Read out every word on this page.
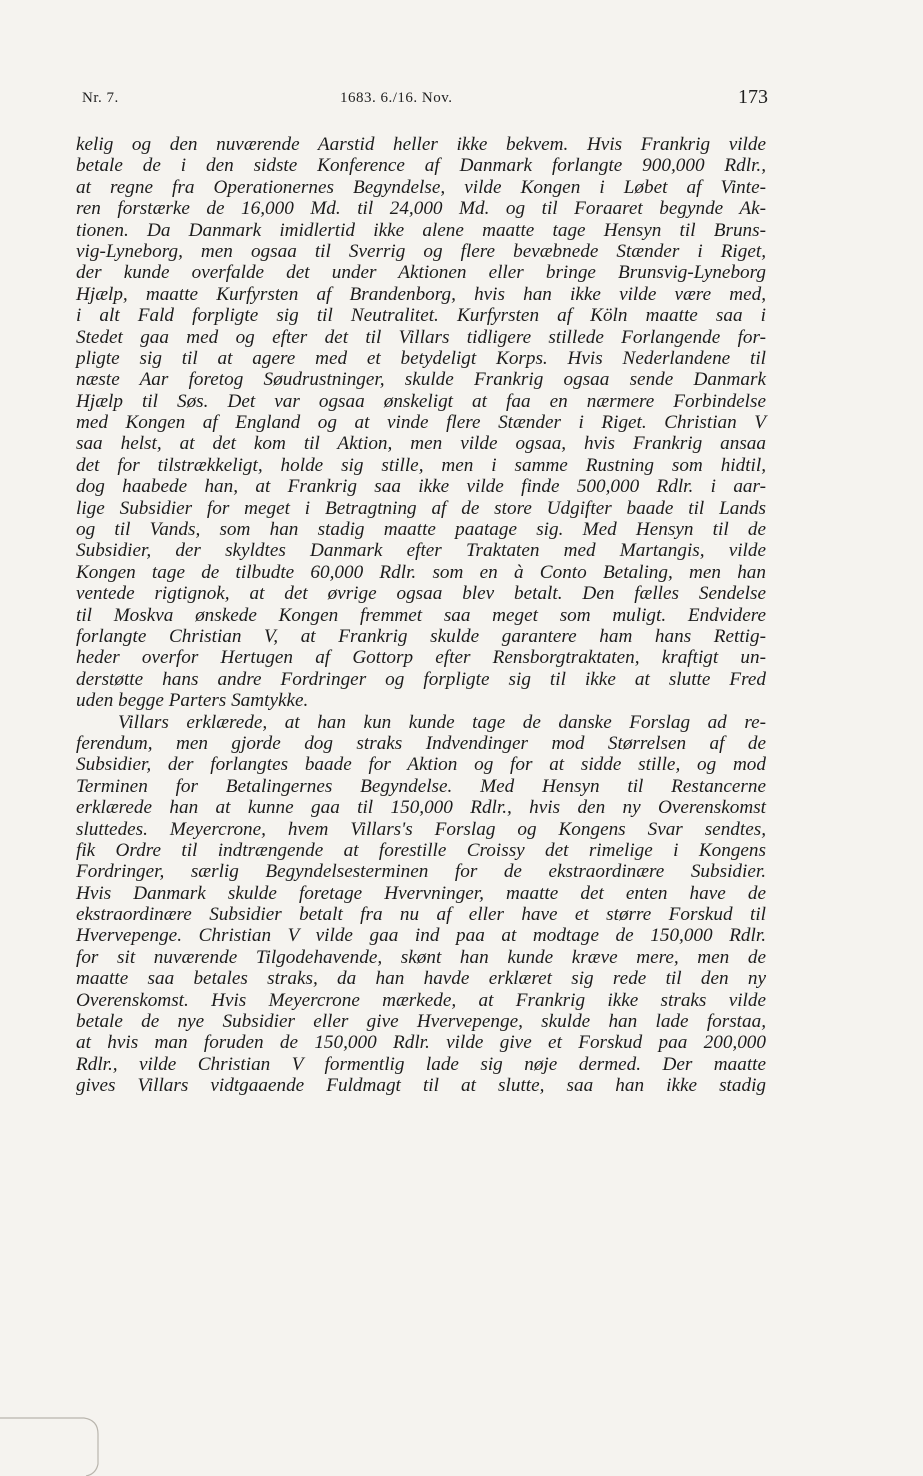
Nr. 7.	1683. 6./16. Nov.	173
kelig og den nuværende Aarstid heller ikke bekvem. Hvis Frankrig vilde
betale de i den sidste Konference af Danmark forlangte 900,000 Rdlr.,
at regne fra Operationernes Begyndelse, vilde Kongen i Løbet af Vinte-
ren forstærke de 16,000 Md. til 24,000 Md. og til Foraaret begynde Ak-
tionen. Da Danmark imidlertid ikke alene maatte tage Hensyn til Bruns-
vig-Lyneborg, men ogsaa til Sverrig og flere bevæbnede Stænder i Riget,
der kunde overfalde det under Aktionen eller bringe Brunsvig-Lyneborg
Hjælp, maatte Kurfyrsten af Brandenborg, hvis han ikke vilde være med,
i alt Fald forpligte sig til Neutralitet. Kurfyrsten af Köln maatte saa i
Stedet gaa med og efter det til Villars tidligere stillede Forlangende for-
pligte sig til at agere med et betydeligt Korps. Hvis Nederlandene til
næste Aar foretog Søudrustninger, skulde Frankrig ogsaa sende Danmark
Hjælp til Søs. Det var ogsaa ønskeligt at faa en nærmere Forbindelse
med Kongen af England og at vinde flere Stænder i Riget. Christian V
saa helst, at det kom til Aktion, men vilde ogsaa, hvis Frankrig ansaa
det for tilstrækkeligt, holde sig stille, men i samme Rustning som hidtil,
dog haabede han, at Frankrig saa ikke vilde finde 500,000 Rdlr. i aar-
lige Subsidier for meget i Betragtning af de store Udgifter baade til Lands
og til Vands, som han stadig maatte paatage sig. Med Hensyn til de
Subsidier, der skyldtes Danmark efter Traktaten med Martangis, vilde
Kongen tage de tilbudte 60,000 Rdlr. som en à Conto Betaling, men han
ventede rigtignok, at det øvrige ogsaa blev betalt. Den fælles Sendelse
til Moskva ønskede Kongen fremmet saa meget som muligt. Endvidere
forlangte Christian V, at Frankrig skulde garantere ham hans Rettig-
heder overfor Hertugen af Gottorp efter Rensborgtraktaten, kraftigt un-
derstøtte hans andre Fordringer og forpligte sig til ikke at slutte Fred
uden begge Parters Samtykke.
Villars erklærede, at han kun kunde tage de danske Forslag ad re-
ferendum, men gjorde dog straks Indvendinger mod Størrelsen af de
Subsidier, der forlangtes baade for Aktion og for at sidde stille, og mod
Terminen for Betalingernes Begyndelse. Med Hensyn til Restancerne
erklærede han at kunne gaa til 150,000 Rdlr., hvis den ny Overenskomst
sluttedes. Meyercrone, hvem Villars's Forslag og Kongens Svar sendtes,
fik Ordre til indtrængende at forestille Croissy det rimelige i Kongens
Fordringer, særlig Begyndelsesterminen for de ekstraordinære Subsidier.
Hvis Danmark skulde foretage Hvervninger, maatte det enten have de
ekstraordinære Subsidier betalt fra nu af eller have et større Forskud til
Hvervepenge. Christian V vilde gaa ind paa at modtage de 150,000 Rdlr.
for sit nuværende Tilgodehavende, skønt han kunde kræve mere, men de
maatte saa betales straks, da han havde erklæret sig rede til den ny
Overenskomst. Hvis Meyercrone mærkede, at Frankrig ikke straks vilde
betale de nye Subsidier eller give Hvervepenge, skulde han lade forstaa,
at hvis man foruden de 150,000 Rdlr. vilde give et Forskud paa 200,000
Rdlr., vilde Christian V formentlig lade sig nøje dermed. Der maatte
gives Villars vidtgaaende Fuldmagt til at slutte, saa han ikke stadig
